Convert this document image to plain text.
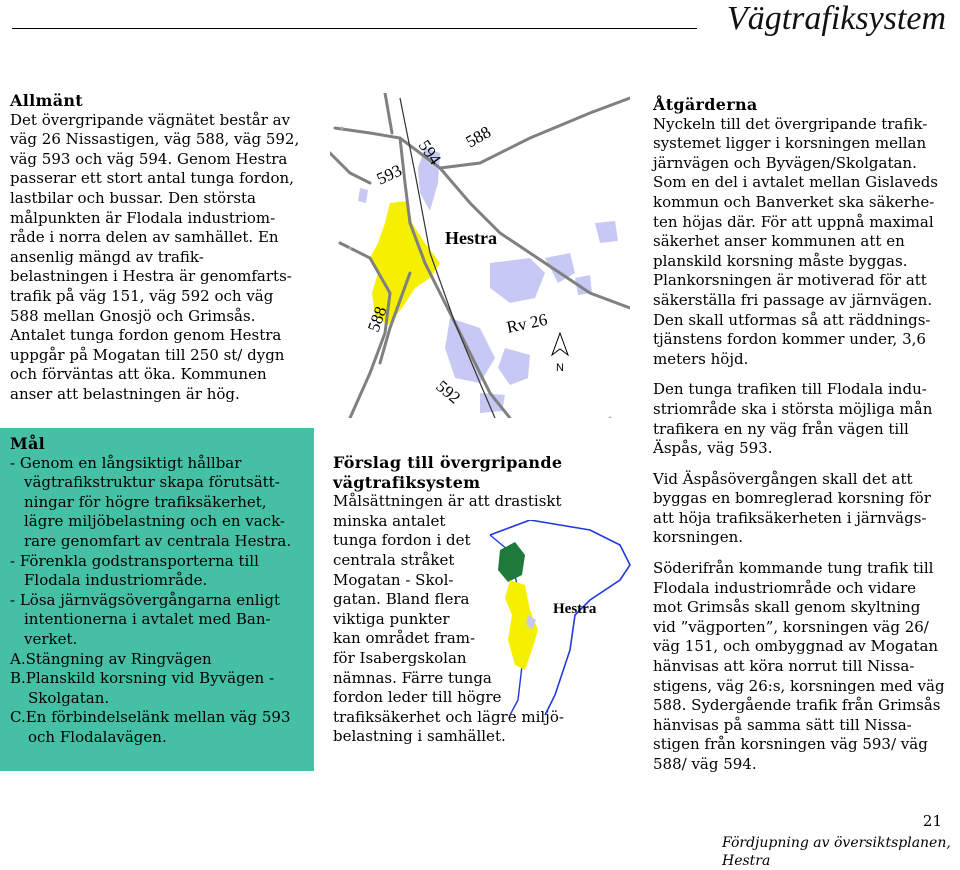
Vägtrafiksystem
Allmänt

Det övergripande vägnätet består av

väg 26 Nissastigen, väg 588, väg 592,

väg 593 och väg 594. Genom Hestra

passerar ett stort antal tunga fordon,

lastbilar och bussar. Den största

målpunkten är Flodala industriom-

råde i norra delen av samhället. En

ansenlig mängd av trafik-

belastningen i Hestra är genomfarts-

trafik på väg 151, väg 592 och väg

588 mellan Gnosjö och Grimsås.

Antalet tunga fordon genom Hestra

uppgår på Mogatan till 250 st/ dygn

och förväntas att öka. Kommunen

anser att belastningen är hög.

Mål
- Genom en långsiktigt hållbar vägtrafikstruktur skapa förutsätt-ningar för högre trafiksäkerhet, lägre miljöbelastning och en vack-rare genomfart av centrala Hestra.
- Förenkla godstransporterna till Flodala industriområde.
- Lösa järnvägsövergångarna enligt intentionerna i avtalet med Ban-verket.
A.Stängning av Ringvägen
B.Planskild korsning vid Byvägen - Skolgatan.
C.En förbindelselänk mellan väg 593 och Flodalavägen.
593
594 588
Hestra
588	Rv 26
592
N
Förslag till övergripande
vägtrafiksystem

Målsättningen är att drastiskt

minska antalet

tunga fordon i det

centrala stråket

Mogatan - Skol-

gatan. Bland flera

viktiga punkter

kan området fram-

för Isabergskolan

nämnas. Färre tunga

fordon leder till högre

trafiksäkerhet och lägre miljö-

belastning i samhället.

Hestra
Åtgärderna

Nyckeln till det övergripande trafik-

systemet ligger i korsningen mellan

järnvägen och Byvägen/Skolgatan.

Som en del i avtalet mellan Gislaveds

kommun och Banverket ska säkerhe-

ten höjas där. För att uppnå maximal

säkerhet anser kommunen att en

planskild korsning måste byggas.

Plankorsningen är motiverad för att

säkerställa fri passage av järnvägen.

Den skall utformas så att räddnings-

tjänstens fordon kommer under, 3,6

meters höjd.

Den tunga trafiken till Flodala indu-

striområde ska i största möjliga mån

trafikera en ny väg från vägen till

Äspås, väg 593.

Vid Äspåsövergången skall det att

byggas en bomreglerad korsning för

att höja trafiksäkerheten i järnvägs-

korsningen.

Söderifrån kommande tung trafik till

Flodala industriområde och vidare

mot Grimsås skall genom skyltning

vid ”vägporten”, korsningen väg 26/

väg 151, och ombyggnad av Mogatan

hänvisas att köra norrut till Nissa-

stigens, väg 26:s, korsningen med väg

588. Sydergående trafik från Grimsås

hänvisas på samma sätt till Nissa-

stigen från korsningen väg 593/ väg

588/ väg 594.

21
Fördjupning av översiktsplanen,
Hestra
